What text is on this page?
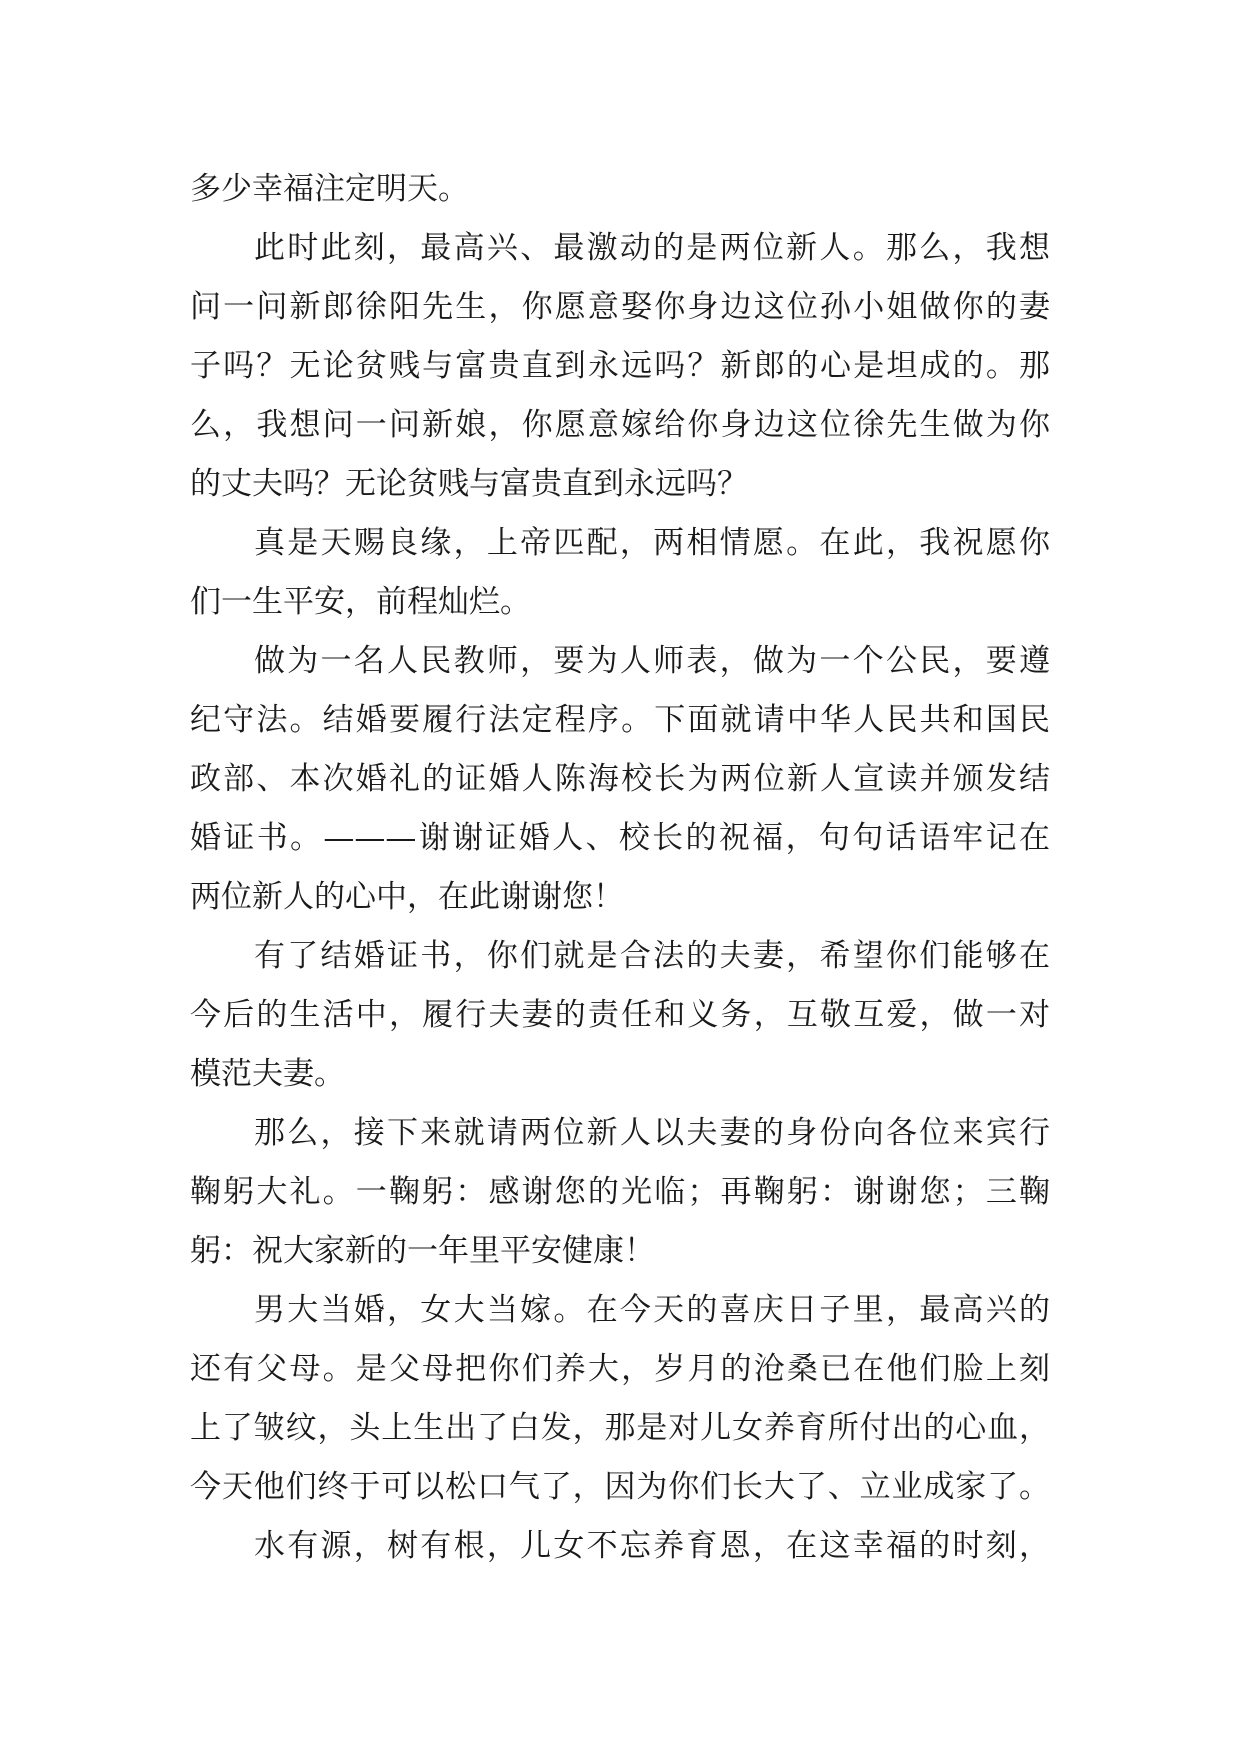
多少幸福注定明天。
此时此刻，最高兴、最激动的是两位新人。那么，我想
问一问新郎徐阳先生，你愿意娶你身边这位孙小姐做你的妻
子吗？无论贫贱与富贵直到永远吗？新郎的心是坦成的。那
么，我想问一问新娘，你愿意嫁给你身边这位徐先生做为你
的丈夫吗？无论贫贱与富贵直到永远吗？
真是天赐良缘，上帝匹配，两相情愿。在此，我祝愿你
们一生平安，前程灿烂。
做为一名人民教师，要为人师表，做为一个公民，要遵
纪守法。结婚要履行法定程序。下面就请中华人民共和国民
政部、本次婚礼的证婚人陈海校长为两位新人宣读并颁发结
婚证书。———谢谢证婚人、校长的祝福，句句话语牢记在
两位新人的心中，在此谢谢您！
有了结婚证书，你们就是合法的夫妻，希望你们能够在
今后的生活中，履行夫妻的责任和义务，互敬互爱，做一对
模范夫妻。
那么，接下来就请两位新人以夫妻的身份向各位来宾行
鞠躬大礼。一鞠躬：感谢您的光临；再鞠躬：谢谢您；三鞠
躬：祝大家新的一年里平安健康！
男大当婚，女大当嫁。在今天的喜庆日子里，最高兴的
还有父母。是父母把你们养大，岁月的沧桑已在他们脸上刻
上了皱纹，头上生出了白发，那是对儿女养育所付出的心血，
今天他们终于可以松口气了，因为你们长大了、立业成家了。
水有源，树有根，儿女不忘养育恩，在这幸福的时刻，
